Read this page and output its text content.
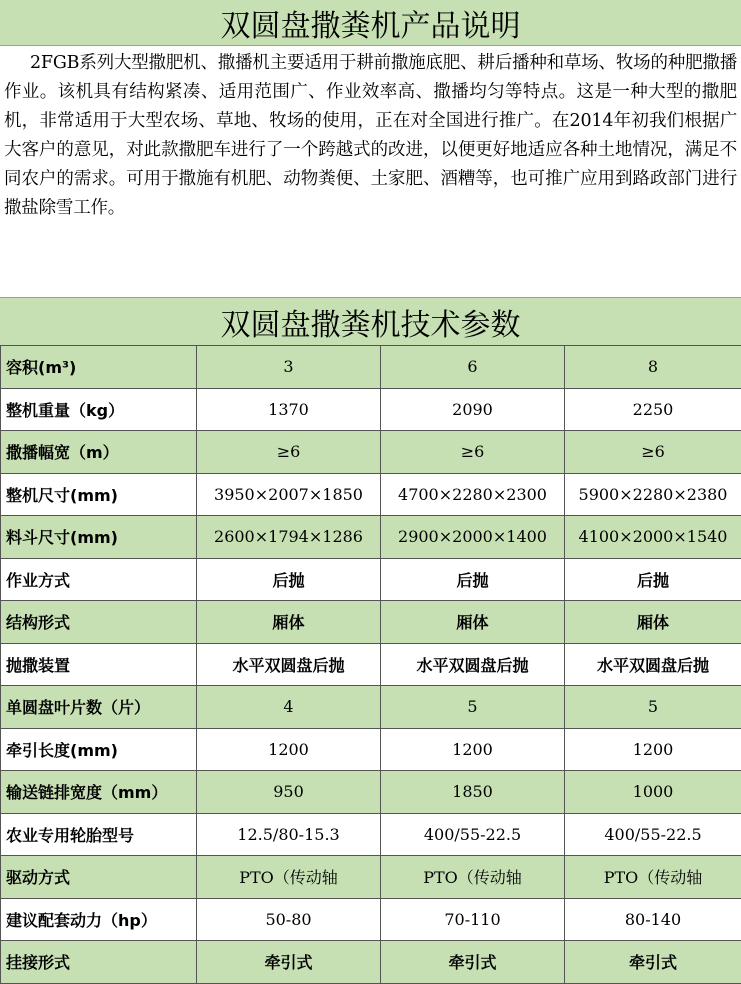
双圆盘撒粪机产品说明
2FGB系列大型撒肥机、撒播机主要适用于耕前撒施底肥、耕后播种和草场、牧场的种肥撒播作业。该机具有结构紧凑、适用范围广、作业效率高、撒播均匀等特点。这是一种大型的撒肥机，非常适用于大型农场、草地、牧场的使用，正在对全国进行推广。在2014年初我们根据广大客户的意见，对此款撒肥车进行了一个跨越式的改进，以便更好地适应各种土地情况，满足不同农户的需求。可用于撒施有机肥、动物粪便、土家肥、酒糟等，也可推广应用到路政部门进行撒盐除雪工作。
双圆盘撒粪机技术参数
容积(m³)	3	6	8
整机重量（kg）	1370	2090	2250
撒播幅宽（m）	≥6	≥6	≥6
整机尺寸(mm)	3950×2007×1850	4700×2280×2300	5900×2280×2380
料斗尺寸(mm)	2600×1794×1286	2900×2000×1400	4100×2000×1540
作业方式	后抛	后抛	后抛
结构形式	厢体	厢体	厢体
抛撒装置	水平双圆盘后抛	水平双圆盘后抛	水平双圆盘后抛
单圆盘叶片数（片）	4	5	5
牵引长度(mm)	1200	1200	1200
输送链排宽度（mm）	950	1850	1000
农业专用轮胎型号	12.5/80-15.3	400/55-22.5	400/55-22.5
驱动方式	PTO（传动轴	PTO（传动轴	PTO（传动轴
建议配套动力（hp）	50-80	70-110	80-140
挂接形式	牵引式	牵引式	牵引式
